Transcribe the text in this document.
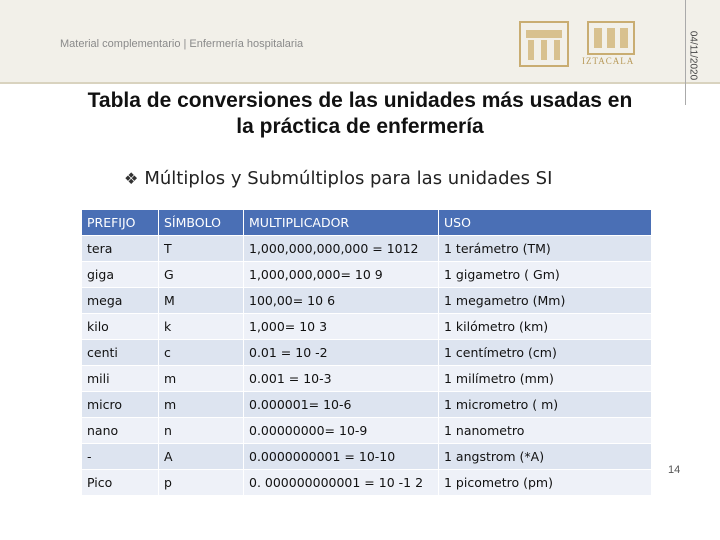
Material complementario | Enfermería hospitalaria
IZTACALA	04/11/2020
Tabla de conversiones de las unidades más usadas en
la práctica de enfermería
❖ Múltiplos y Submúltiplos para las unidades SI
PREFIJO	SÍMBOLO	MULTIPLICADOR	USO
tera	T	1,000,000,000,000 = 1012	1 terámetro (TM)
giga	G	1,000,000,000= 10 9	1 gigametro ( Gm)
mega	M	100,00= 10 6	1 megametro (Mm)
kilo	k	1,000= 10 3	1 kilómetro (km)
centi	c	0.01 = 10 -2	1 centímetro (cm)
mili	m	0.001 = 10-3	1 milímetro (mm)
micro	m	0.000001= 10-6	1 micrometro ( m)
nano	n	0.00000000= 10-9	1 nanometro
-	A	0.0000000001 = 10-10	1 angstrom (*A)
Pico	p	0. 000000000001 = 10 -1 2	1 picometro (pm)
14
